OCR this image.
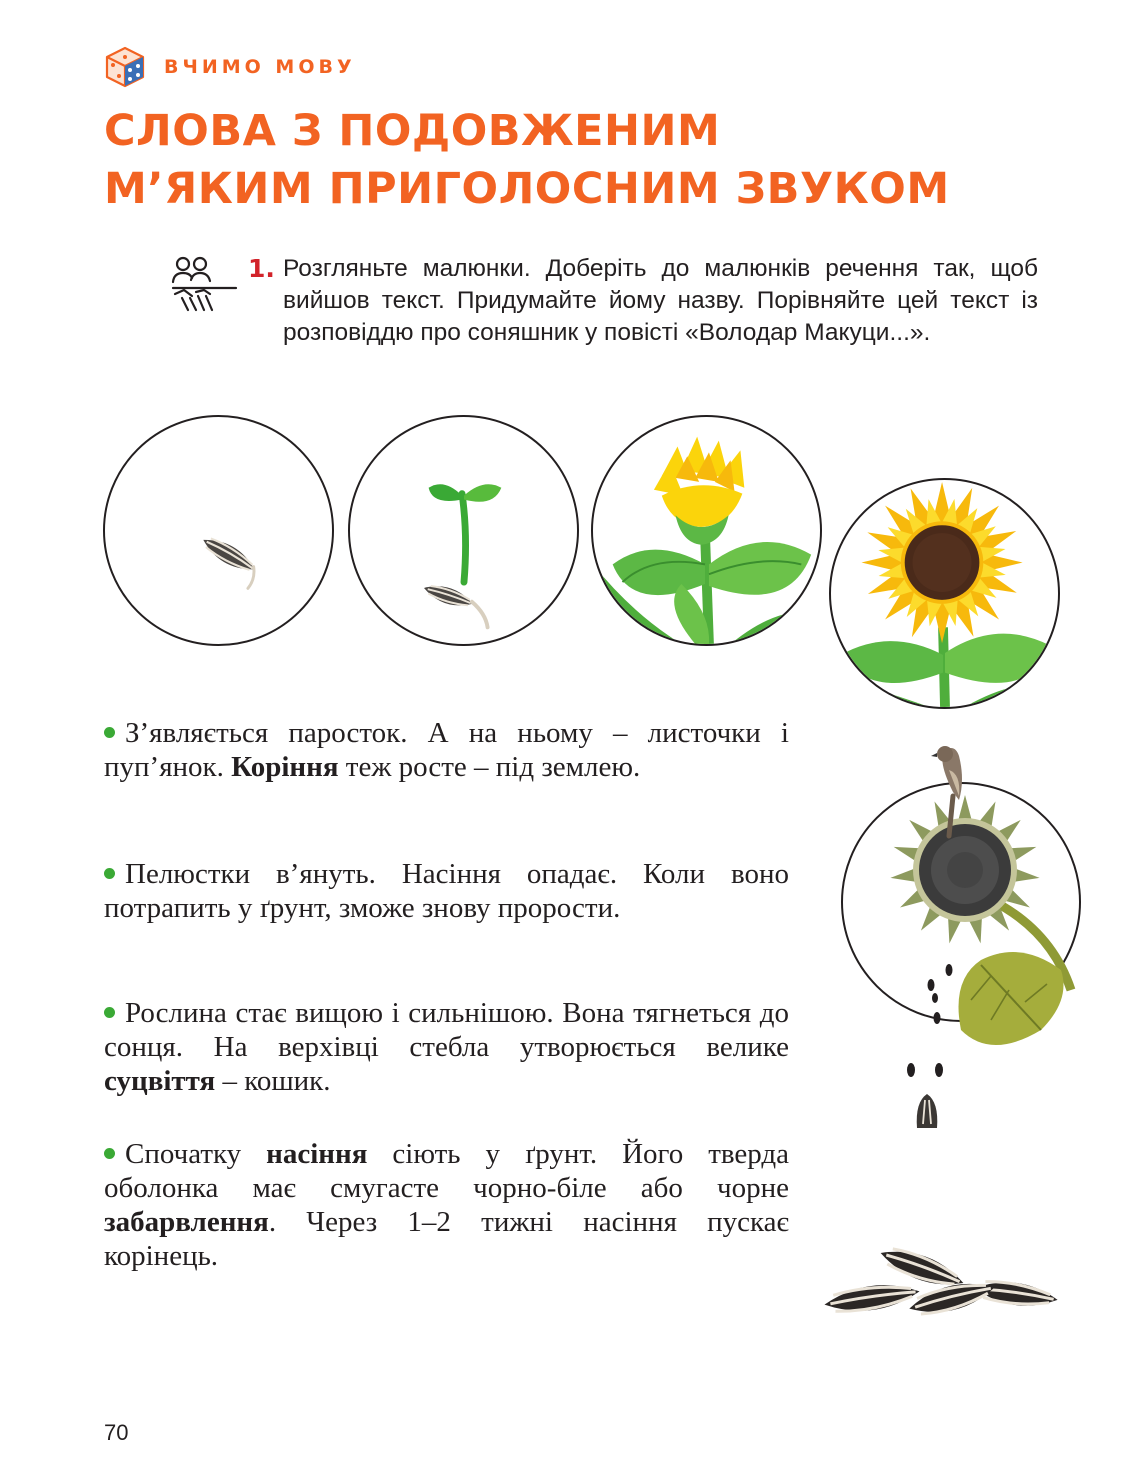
ВЧИМО МОВУ
СЛОВА З ПОДОВЖЕНИМ
М’ЯКИМ ПРИГОЛОСНИМ ЗВУКОМ
1. Розгляньте малюнки. Доберіть до малюнків речення так, щоб вийшов текст. Придумайте йому назву. Порівняйте цей текст із розповіддю про соняшник у повісті «Володар Макуци...».
З’являється паросток. А на ньому – листочки і пуп’янок. Коріння теж росте – під землею.
Пелюстки в’януть. Насіння опадає. Коли воно потрапить у ґрунт, зможе знову прорости.
Рослина стає вищою і сильнішою. Вона тягнеться до сонця. На верхівці стебла утворюється велике суцвіття – кошик.
Спочатку насіння сіють у ґрунт. Його тверда оболонка має смугасте чорно-біле або чорне забарвлення. Через 1–2 тижні насіння пускає корінець.
70
